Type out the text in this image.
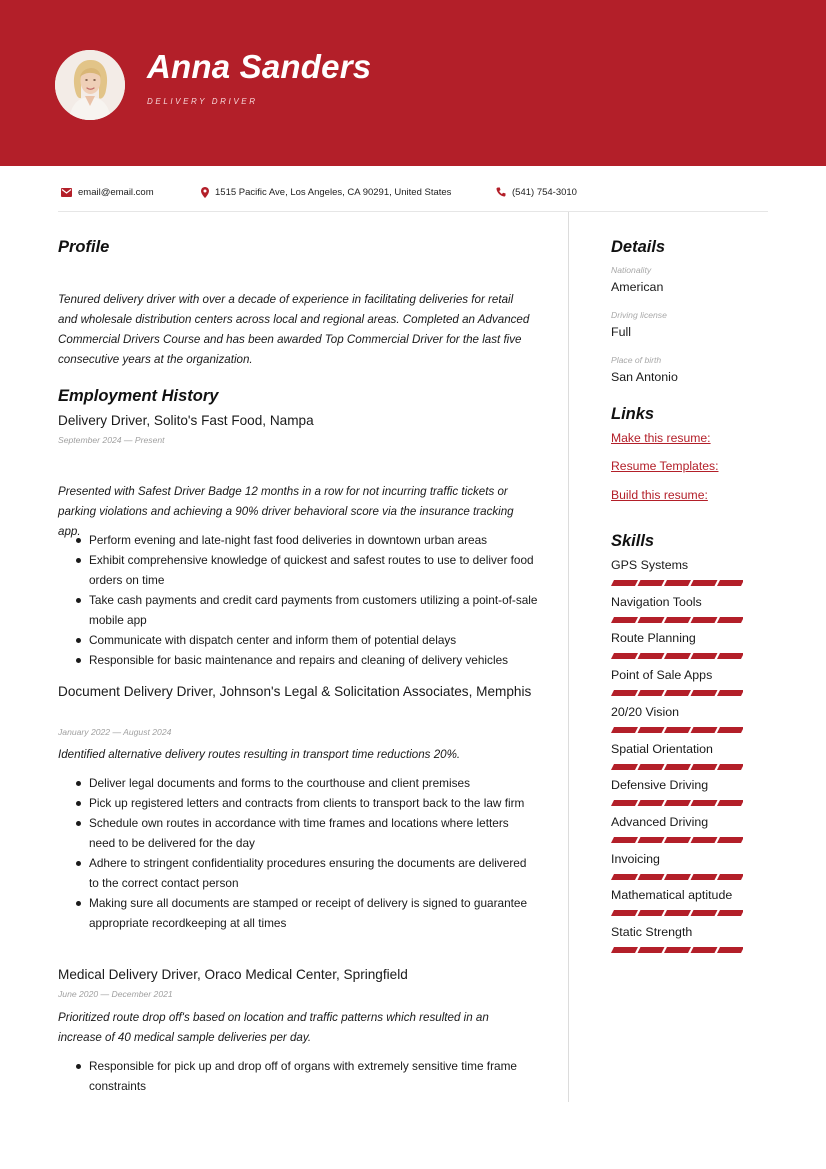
Anna Sanders
DELIVERY DRIVER
email@email.com	1515 Pacific Ave, Los Angeles, CA 90291, United States	(541) 754-3010
Profile
Tenured delivery driver with over a decade of experience in facilitating deliveries for retail and wholesale distribution centers across local and regional areas. Completed an Advanced Commercial Drivers Course and has been awarded Top Commercial Driver for the last five consecutive years at the organization.
Employment History
Delivery Driver, Solito's Fast Food, Nampa
September 2024 — Present
Presented with Safest Driver Badge 12 months in a row for not incurring traffic tickets or parking violations and achieving a 90% driver behavioral score via the insurance tracking app.
Perform evening and late-night fast food deliveries in downtown urban areas
Exhibit comprehensive knowledge of quickest and safest routes to use to deliver food orders on time
Take cash payments and credit card payments from customers utilizing a point-of-sale mobile app
Communicate with dispatch center and inform them of potential delays
Responsible for basic maintenance and repairs and cleaning of delivery vehicles
Document Delivery Driver, Johnson's Legal & Solicitation Associates, Memphis
January 2022 — August 2024
Identified alternative delivery routes resulting in transport time reductions 20%.
Deliver legal documents and forms to the courthouse and client premises
Pick up registered letters and contracts from clients to transport back to the law firm
Schedule own routes in accordance with time frames and locations where letters need to be delivered for the day
Adhere to stringent confidentiality procedures ensuring the documents are delivered to the correct contact person
Making sure all documents are stamped or receipt of delivery is signed to guarantee appropriate recordkeeping at all times
Medical Delivery Driver, Oraco Medical Center, Springfield
June 2020 — December 2021
Prioritized route drop off's based on location and traffic patterns which resulted in an increase of 40 medical sample deliveries per day.
Responsible for pick up and drop off of organs with extremely sensitive time frame constraints
Details
Nationality
American
Driving license
Full
Place of birth
San Antonio
Links
Make this resume:
Resume Templates:
Build this resume:
Skills
GPS Systems
Navigation Tools
Route Planning
Point of Sale Apps
20/20 Vision
Spatial Orientation
Defensive Driving
Advanced Driving
Invoicing
Mathematical aptitude
Static Strength
